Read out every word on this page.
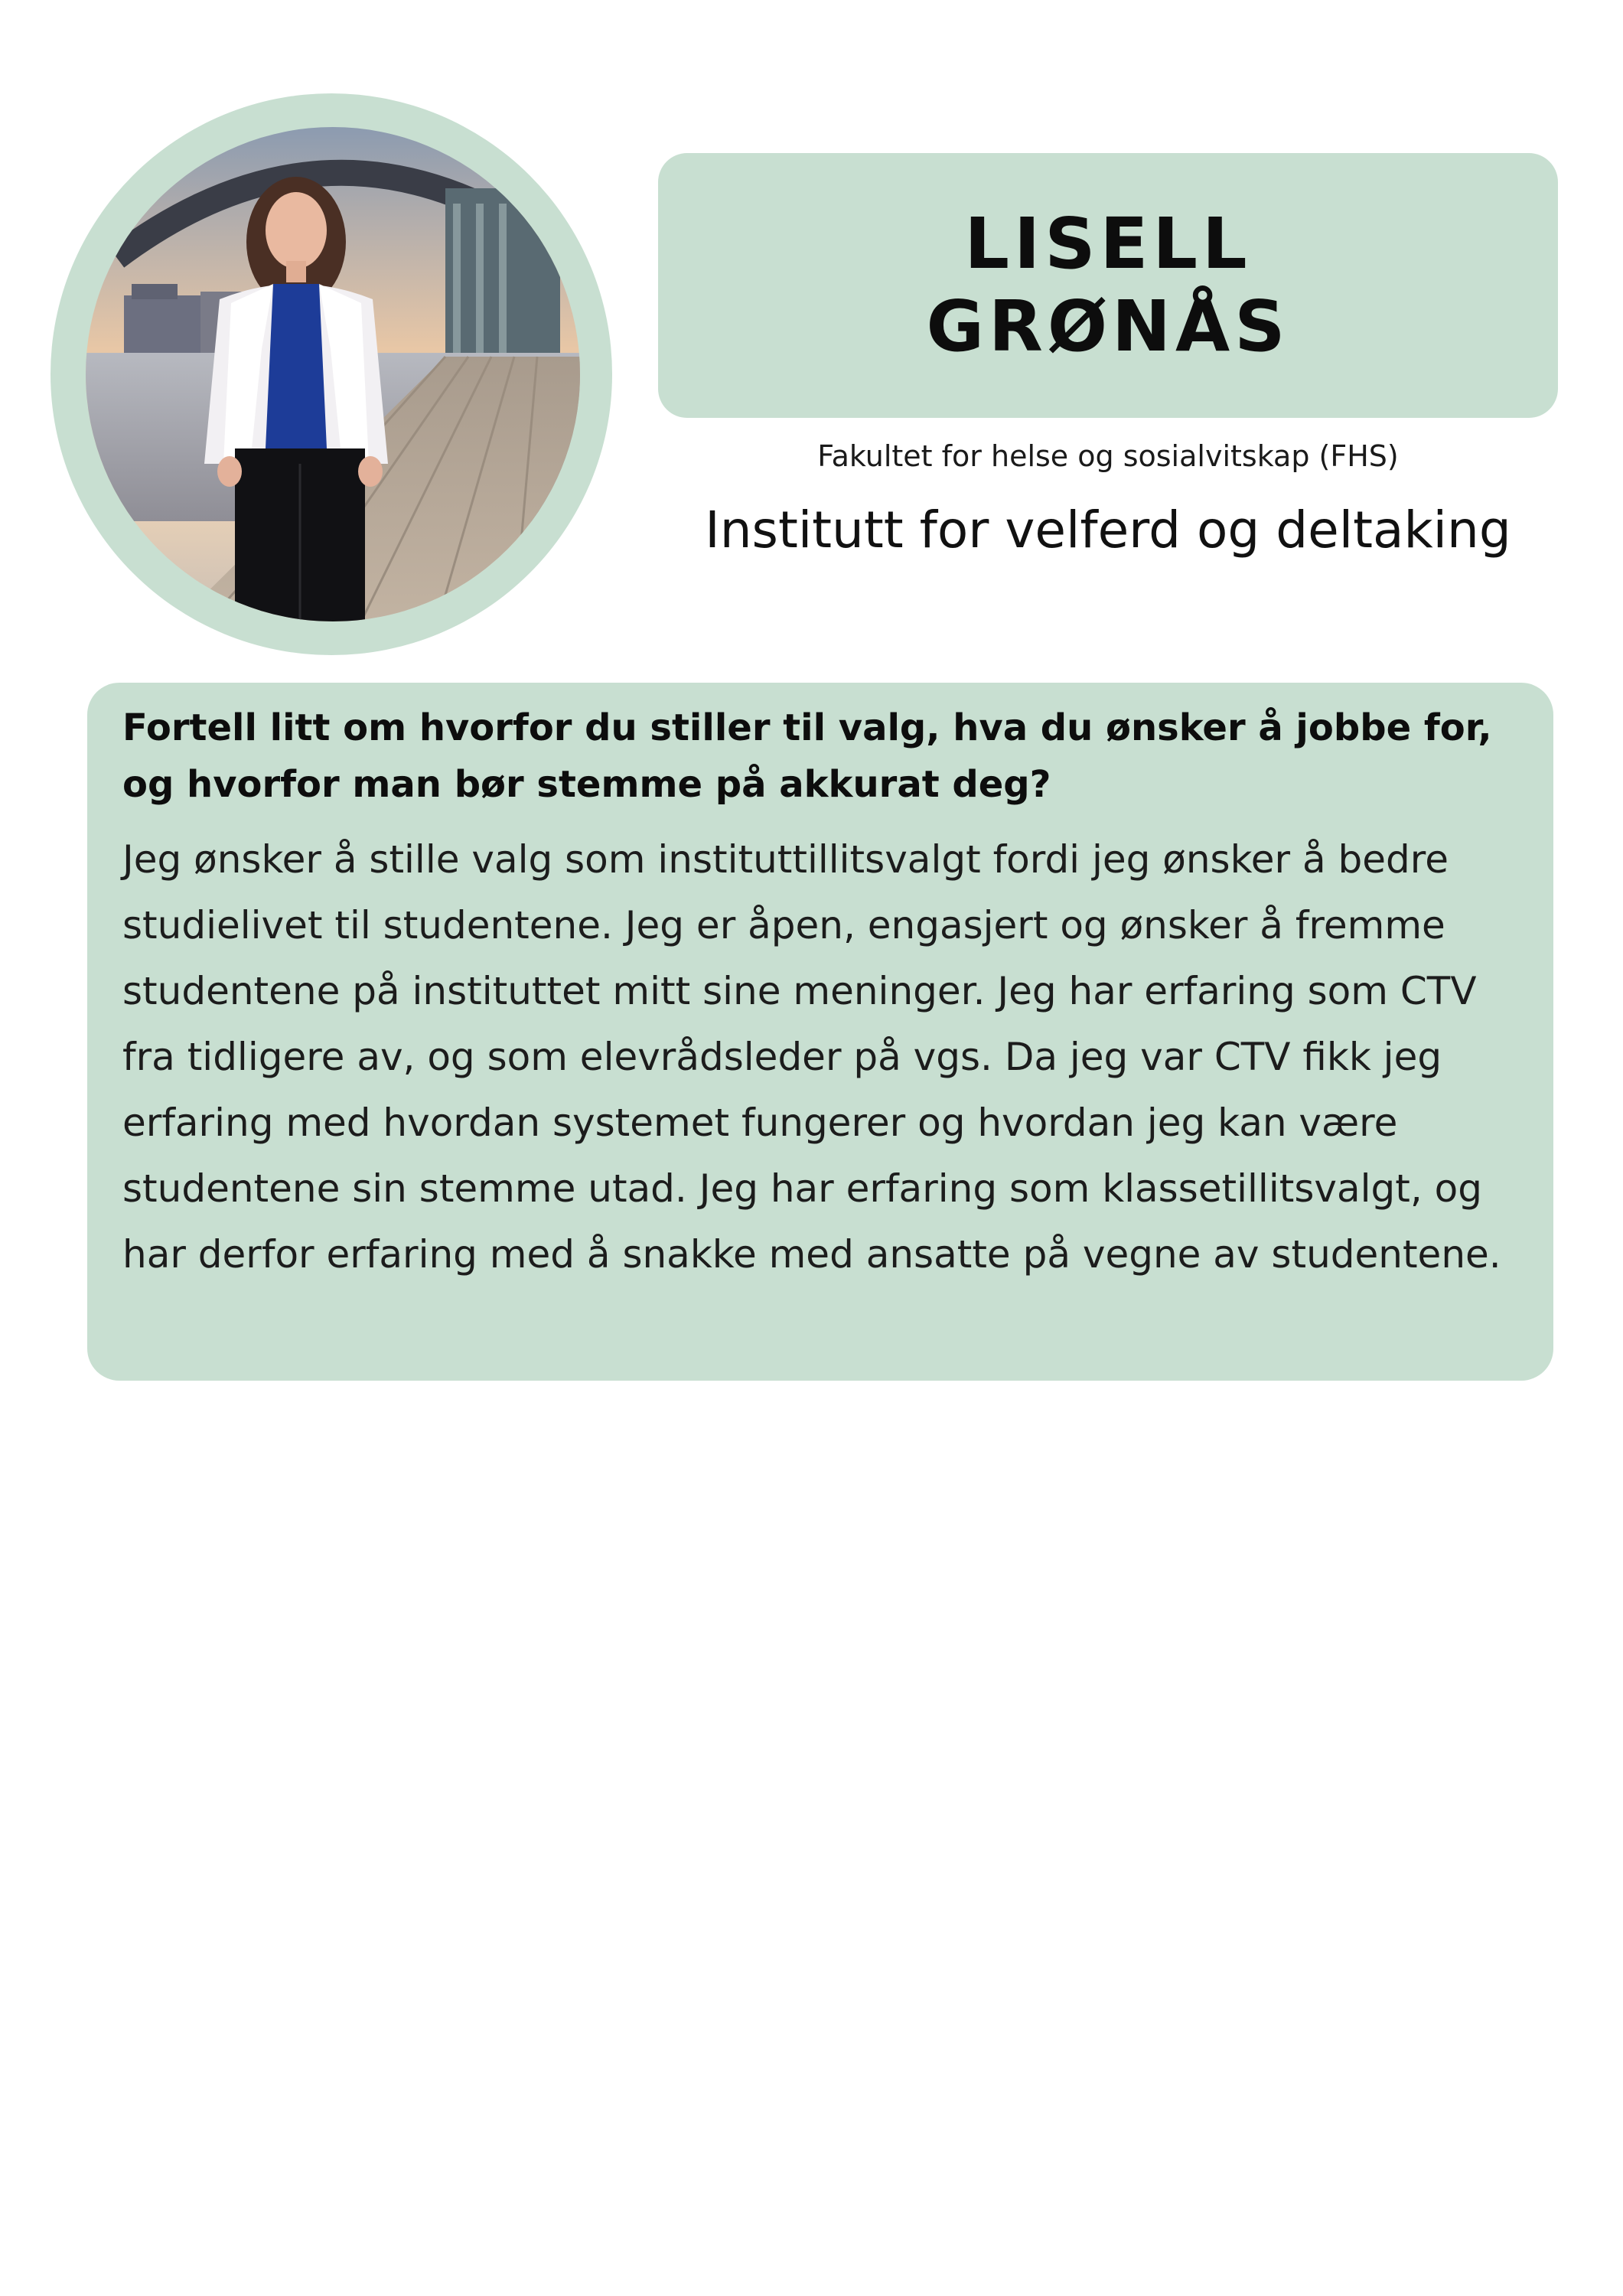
LISELL
GRØNÅS
Fakultet for helse og sosialvitskap (FHS)
Institutt for velferd og deltaking

Fortell litt om hvorfor du stiller til valg, hva du ønsker å jobbe for, og hvorfor man bør stemme på akkurat deg?

Jeg ønsker å stille valg som instituttillitsvalgt fordi jeg ønsker å bedre studielivet til studentene. Jeg er åpen, engasjert og ønsker å fremme studentene på instituttet mitt sine meninger. Jeg har erfaring som CTV fra tidligere av, og som elevrådsleder på vgs. Da jeg var CTV fikk jeg erfaring med hvordan systemet fungerer og hvordan jeg kan være studentene sin stemme utad. Jeg har erfaring som klassetillitsvalgt, og har derfor erfaring med å snakke med ansatte på vegne av studentene.
